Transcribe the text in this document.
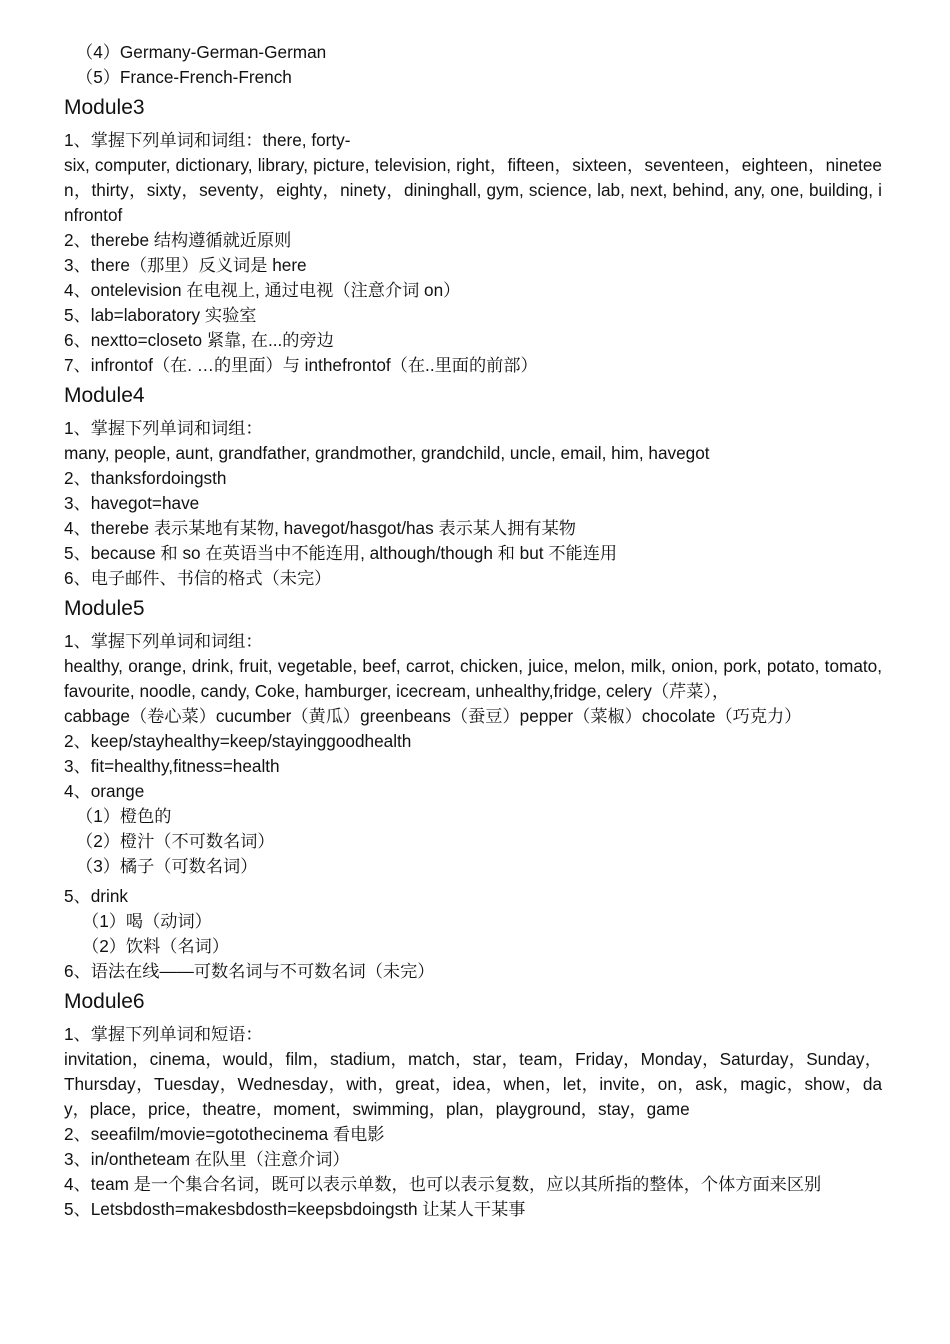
（4）Germany-German-German
（5）France-French-French
Module3
1、掌握下列单词和词组：there, forty-
six, computer, dictionary, library, picture, television, right，fifteen，sixteen，seventeen，eighteen，nineteen，thirty，sixty，seventy，eighty，ninety，dininghall, gym, science, lab, next, behind, any, one, building, infrontof
2、therebe 结构遵循就近原则
3、there（那里）反义词是 here
4、ontelevision 在电视上, 通过电视（注意介词 on）
5、lab=laboratory 实验室
6、nextto=closeto 紧靠, 在...的旁边
7、infrontof（在. …的里面）与 inthefrontof（在..里面的前部）
Module4
1、掌握下列单词和词组：
many, people, aunt, grandfather, grandmother, grandchild, uncle, email, him, havegot
2、thanksfordoingsth
3、havegot=have
4、therebe 表示某地有某物, havegot/hasgot/has 表示某人拥有某物
5、because 和 so 在英语当中不能连用, although/though 和 but 不能连用
6、电子邮件、书信的格式（未完）
Module5
1、掌握下列单词和词组：
healthy, orange, drink, fruit, vegetable, beef, carrot, chicken, juice, melon, milk, onion, pork, potato, tomato, favourite, noodle, candy, Coke, hamburger, icecream, unhealthy,fridge, celery（芹菜），
cabbage（卷心菜）cucumber（黄瓜）greenbeans（蚕豆）pepper（菜椒）chocolate（巧克力）
2、keep/stayhealthy=keep/stayinggoodhealth
3、fit=healthy,fitness=health
4、orange
（1）橙色的
（2）橙汁（不可数名词）
（3）橘子（可数名词）
5、drink
（1）喝（动词）
（2）饮料（名词）
6、语法在线——可数名词与不可数名词（未完）
Module6
1、掌握下列单词和短语：
invitation，cinema，would，film，stadium，match，star，team，Friday，Monday，Saturday，Sunday，Thursday，Tuesday，Wednesday，with，great，idea，when，let，invite，on，ask，magic，show，day，place，price，theatre，moment，swimming，plan，playground，stay，game
2、seeafilm/movie=gotothecinema 看电影
3、in/ontheteam 在队里（注意介词）
4、team 是一个集合名词，既可以表示单数，也可以表示复数，应以其所指的整体，个体方面来区别
5、Letsbdosth=makesbdosth=keepsbdoingsth 让某人干某事
